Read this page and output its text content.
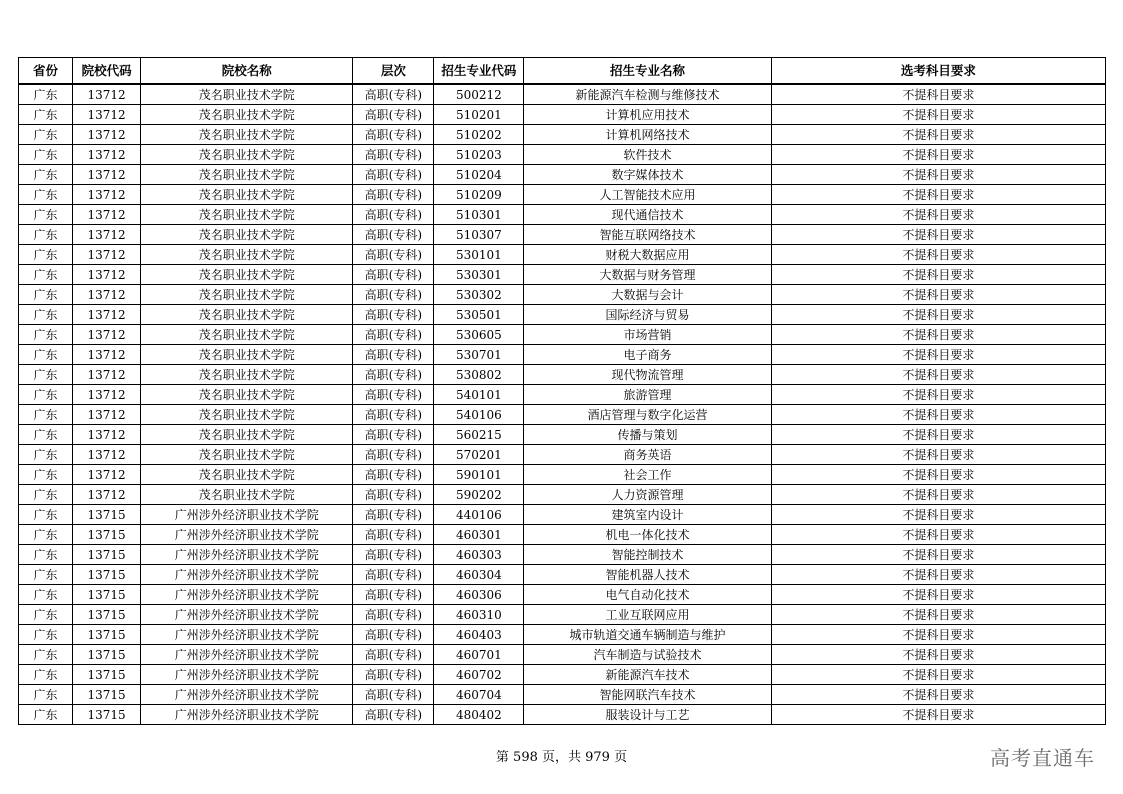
省份	院校代码	院校名称	层次	招生专业代码	招生专业名称	选考科目要求
广东	13712	茂名职业技术学院	高职(专科)	500212	新能源汽车检测与维修技术	不提科目要求
广东	13712	茂名职业技术学院	高职(专科)	510201	计算机应用技术	不提科目要求
广东	13712	茂名职业技术学院	高职(专科)	510202	计算机网络技术	不提科目要求
广东	13712	茂名职业技术学院	高职(专科)	510203	软件技术	不提科目要求
广东	13712	茂名职业技术学院	高职(专科)	510204	数字媒体技术	不提科目要求
广东	13712	茂名职业技术学院	高职(专科)	510209	人工智能技术应用	不提科目要求
广东	13712	茂名职业技术学院	高职(专科)	510301	现代通信技术	不提科目要求
广东	13712	茂名职业技术学院	高职(专科)	510307	智能互联网络技术	不提科目要求
广东	13712	茂名职业技术学院	高职(专科)	530101	财税大数据应用	不提科目要求
广东	13712	茂名职业技术学院	高职(专科)	530301	大数据与财务管理	不提科目要求
广东	13712	茂名职业技术学院	高职(专科)	530302	大数据与会计	不提科目要求
广东	13712	茂名职业技术学院	高职(专科)	530501	国际经济与贸易	不提科目要求
广东	13712	茂名职业技术学院	高职(专科)	530605	市场营销	不提科目要求
广东	13712	茂名职业技术学院	高职(专科)	530701	电子商务	不提科目要求
广东	13712	茂名职业技术学院	高职(专科)	530802	现代物流管理	不提科目要求
广东	13712	茂名职业技术学院	高职(专科)	540101	旅游管理	不提科目要求
广东	13712	茂名职业技术学院	高职(专科)	540106	酒店管理与数字化运营	不提科目要求
广东	13712	茂名职业技术学院	高职(专科)	560215	传播与策划	不提科目要求
广东	13712	茂名职业技术学院	高职(专科)	570201	商务英语	不提科目要求
广东	13712	茂名职业技术学院	高职(专科)	590101	社会工作	不提科目要求
广东	13712	茂名职业技术学院	高职(专科)	590202	人力资源管理	不提科目要求
广东	13715	广州涉外经济职业技术学院	高职(专科)	440106	建筑室内设计	不提科目要求
广东	13715	广州涉外经济职业技术学院	高职(专科)	460301	机电一体化技术	不提科目要求
广东	13715	广州涉外经济职业技术学院	高职(专科)	460303	智能控制技术	不提科目要求
广东	13715	广州涉外经济职业技术学院	高职(专科)	460304	智能机器人技术	不提科目要求
广东	13715	广州涉外经济职业技术学院	高职(专科)	460306	电气自动化技术	不提科目要求
广东	13715	广州涉外经济职业技术学院	高职(专科)	460310	工业互联网应用	不提科目要求
广东	13715	广州涉外经济职业技术学院	高职(专科)	460403	城市轨道交通车辆制造与维护	不提科目要求
广东	13715	广州涉外经济职业技术学院	高职(专科)	460701	汽车制造与试验技术	不提科目要求
广东	13715	广州涉外经济职业技术学院	高职(专科)	460702	新能源汽车技术	不提科目要求
广东	13715	广州涉外经济职业技术学院	高职(专科)	460704	智能网联汽车技术	不提科目要求
广东	13715	广州涉外经济职业技术学院	高职(专科)	480402	服装设计与工艺	不提科目要求
第 598 页，共 979 页	高考直通车
